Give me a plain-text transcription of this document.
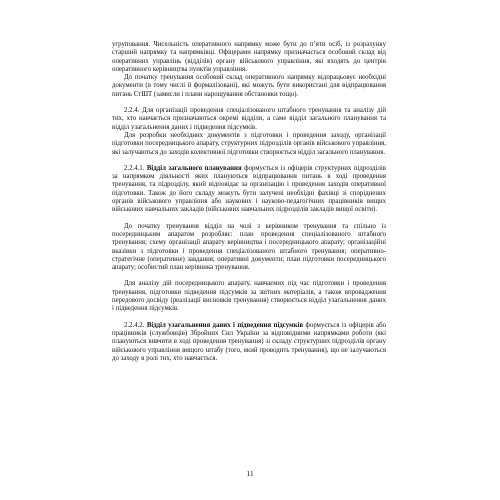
угруповання. Чисельність оперативного напрямку може бути до п’яти осіб, із розрахунку старший напрямку та напрямківці. Офіцерами напрямку призначається особовий склад від оперативних управлінь (відділів) органу військового управління, які входять до центрів оперативного керівництва пунктів управління.

До початку тренування особовий склад оперативного напрямку відпрацьовує необхідні документи (в тому числі й формалізовані), які можуть бути використані для відпрацювання питань СтШТ (замисли і плани нарощування обстановки тощо).

2.2.4. Для організації проведення спеціалізованого штабного тренування та аналізу дій тих, хто навчається призначаються окремі відділи, а саме відділ загального планування та відділ узагальнення даних і підведення підсумків.

Для розробки необхідних документів з підготовки і проведення заходу, організації підготовки посередницького апарату, структурних підрозділів органів військового управління, які залучаються до заходів колективної підготовки створюється відділ загального планування.

2.2.4.1. Відділ загального планування формується із офіцерів структурних підрозділів за напрямком діяльності яких плануються відпрацювання питань в ході проведення тренування, та підрозділу, який відповідає за організацію і проведення заходів оперативної підготовки. Також до його складу можуть бути залучені необхідні фахівці зі споріднених органів військового управління або наукових і науково-педагогічних працівників вищих військових навчальних закладів (військових навчальних підрозділів закладів вищої освіти).

До початку тренування відділ на чолі з керівником тренування та спільно із посередницьким апаратом розробляє: план проведення спеціалізованого штабного тренування; схему організації апарату керівництва і посередницького апарату; організаційні вказівки з підготовки і проведення спеціалізованого штабного тренування; оперативно-стратегічне (оперативне) завдання; оперативні документи; план підготовки посередницького апарату; особистий план керівника тренування.

Для аналізу дій посередницького апарату, навчаємих під час підготовки і проведення тренування, підготовки підведення підсумків за звітних матеріалів, а також впровадження передового досвіду (реалізації висновків тренування) створюється відділ узагальнення даних і підведення підсумків.

2.2.4.2. Відділ узагальнення даних і підведення підсумків формується із офіцерів або працівників (службовців) Збройних Сил України за відповідними напрямками роботи (які плануються вивчити в ході проведення тренування) зі складу структурних підрозділів органу військового управління вищого штабу (того, який проводить тренування), що не залучаються до заходу в ролі тих, хто навчається.

11
